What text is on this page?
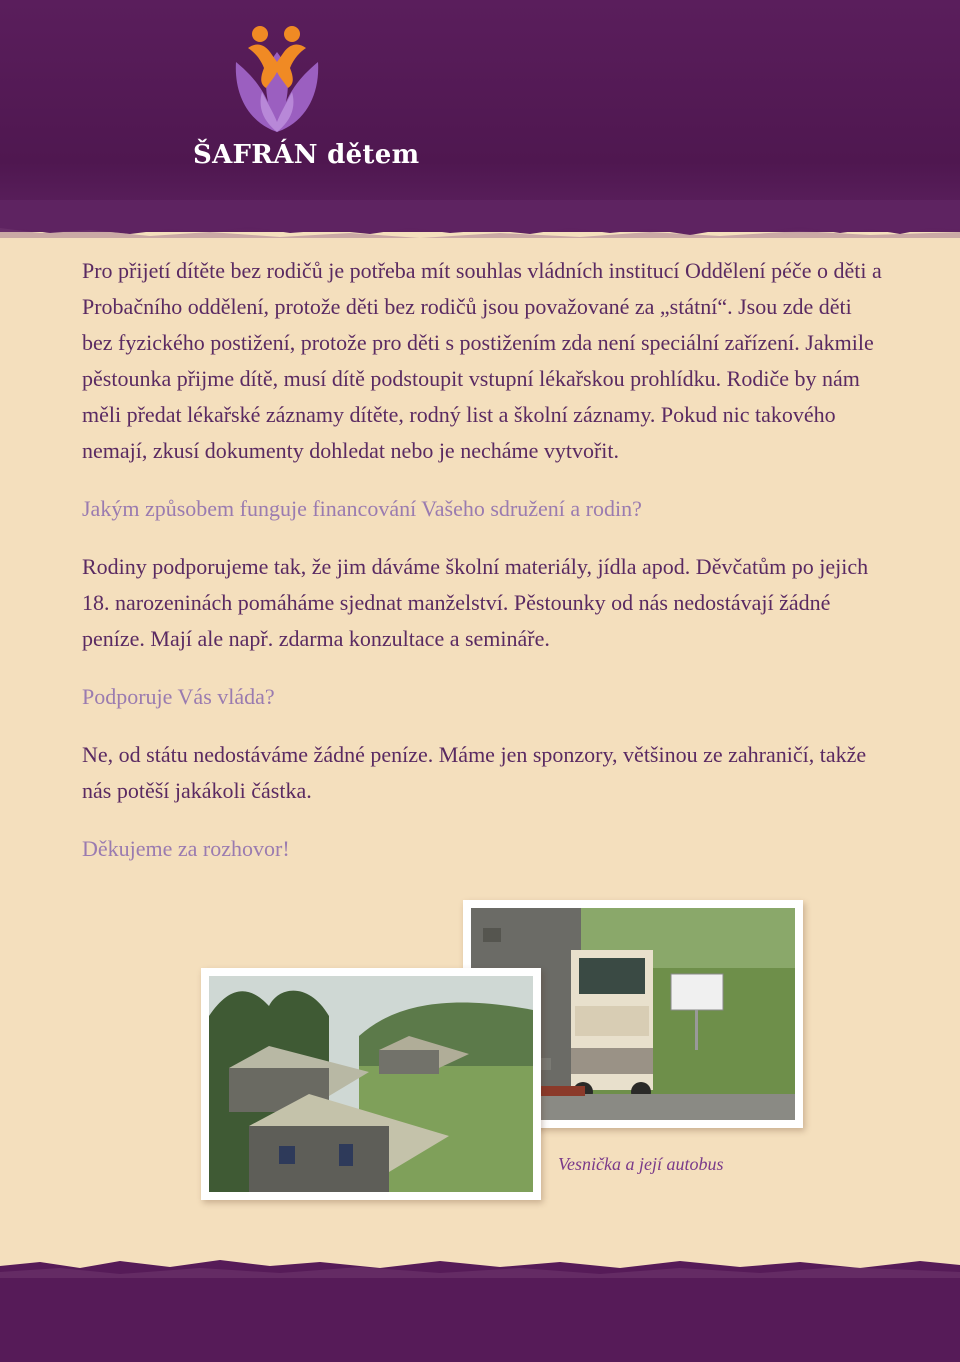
ŠAFRÁN dětem

Pro přijetí dítěte bez rodičů je potřeba mít souhlas vládních institucí Oddělení péče o děti a Probačního oddělení, protože děti bez rodičů jsou považované za „státní“. Jsou zde děti bez fyzického postižení, protože pro děti s postižením zda není speciální zařízení. Jakmile pěstounka přijme dítě, musí dítě podstoupit vstupní lékařskou prohlídku. Rodiče by nám měli předat lékařské záznamy dítěte, rodný list a školní záznamy. Pokud nic takového nemají, zkusí dokumenty dohledat nebo je necháme vytvořit.

Jakým způsobem funguje financování Vašeho sdružení a rodin?

Rodiny podporujeme tak, že jim dáváme školní materiály, jídla apod. Děvčatům po jejich 18. narozeninách pomáháme sjednat manželství. Pěstounky od nás nedostávají žádné peníze. Mají ale např. zdarma konzultace a semináře.

Podporuje Vás vláda?

Ne, od státu nedostáváme žádné peníze. Máme jen sponzory, většinou ze zahraničí, takže nás potěší jakákoli částka.

Děkujeme za rozhovor!

Vesnička a její autobus
